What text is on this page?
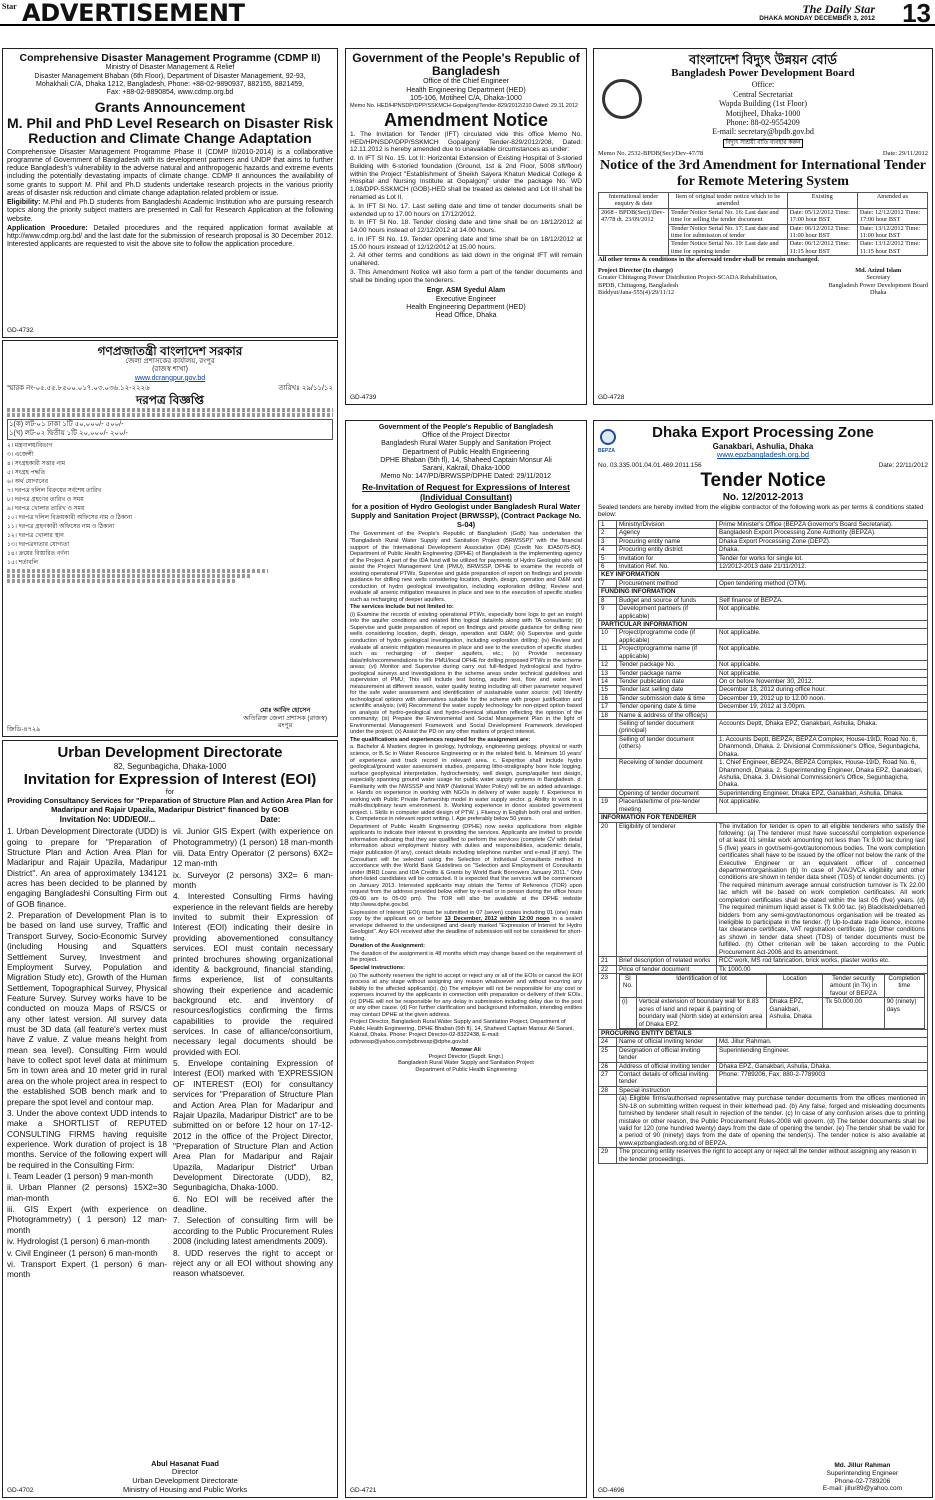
Star ADVERTISEMENT	The Daily Star
DHAKA MONDAY DECEMBER 3, 2012 13
Comprehensive Disaster Management Programme (CDMP II)
Ministry of Disaster Management & Relief
Disaster Management Bhaban (6th Floor), Department of Disaster Management, 92-93,
Mohakhali C/A, Dhaka 1212, Bangladesh, Phone: +88-02-9890937, 882155, 8821459,
Fax: +88-02-9890854, www.cdmp.org.bd
Grants Announcement
M. Phil and PhD Level Research on Disaster Risk Reduction and Climate Change Adaptation

Comprehensive Disaster Management Programme Phase II (CDMP II/2010-2014) is a collaborative programme of Government of Bangladesh with its development partners and UNDP that aims to further reduce Bangladesh's vulnerability to the adverse natural and anthropogenic hazards and extreme events including the potentially devastating impacts of climate change. CDMP II announces the availability of some grants to support M. Phil and Ph.D students undertake research projects in the various priority areas of disaster risk reduction and climate change adaptation related problem or issue.

Eligibility: M.Phil and Ph.D students from Bangladeshi Academic Institution who are pursuing research topics along the priority subject matters are presented in Call for Research Application at the following website.

Application Procedure: Detailed procedures and the required application format available at http://www.cdmp.org.bd/ and the last date for the submission of research proposal is 30 December 2012. Interested applicants are requested to visit the above site to follow the application procedure.

GD-4732
Government of the People's Republic of Bangladesh
Office of the Chief Engineer
Health Engineering Department (HED)
105-106, Motiheel C/A, Dhaka-1000
Memo No. HED/HPNSDP/DPP/SSKMCH-Gopalgonj/Tender-829/2012/210 Dated: 29.11.2012
Amendment Notice

1. The Invitation for Tender (IFT) circulated vide this office Memo No. HED/HPNSDP/DPP/SSKMCH Gopalgonj/ Tender-829/2012/208, Dated: 12.11.2012 is hereby amended due to unavailable circumstances as under:

d. In IFT Sl No. 15. Lot II: Horizontal Extension of Existing Hospital of 3-storied Building with 6-storied foundation (Ground, 1st & 2nd Floor, 5008 sft/floor) within the Project "Establishment of Sheikh Sayera Khatun Medical College & Hospital and Nursing Institute at Gopalgonj" under the package No. WD 1.08/DPP-SSKMCH (GOB)-HED shall be treated as deleted and Lot III shall be renamed as Lot II.

a. In IFT Sl No. 17. Last selling date and time of tender documents shall be extended up to 17.00 hours on 17/12/2012.

b. In IFT Sl No. 18. Tender closing date and time shall be on 18/12/2012 at 14.00 hours instead of 12/12/2012 at 14.00 hours.

c. In IFT Sl No. 19. Tender opening date and time shall be on 18/12/2012 at 15.00 hours instead of 12/12/2012 at 15.00 hours.

2. All other terms and conditions as laid down in the original IFT will remain unaltered.

3. This Amendment Notice will also form a part of the tender documents and shall be binding upon the tenderers.

Engr. ASM Syedul Alam
Executive Engineer
Health Engineering Department (HED)
Head Office, Dhaka
GD-4739
বাংলাদেশ বিদ্যুৎ উন্নয়ন বোর্ড
Bangladesh Power Development Board
Office:
Central Secretariat
Wapda Building (1st Floor)
Motijheel, Dhaka-1000
Phone: 88-02-9554209
E-mail: secretary@bpdb.gov.bd
বিদ্যুৎ সাশ্রয়ী বাতি ব্যবহার করুন
Memo No. 2532-BPDB(Sec)/Dev-47/78	Date: 29/11/2012
Notice of the 3rd Amendment for International Tender for Remote Metering System
International tender enquiry & date	Item of original tender notice which to be amended	Existing	Amended as
2068 - BPDB(Sect)/Dev-47/78 dt. 23/09/2012	Tender Notice Serial No. 16: Last date and time for selling the tender document	Date: 05/12/2012 Time: 17:00 hour BST	Date: 12/12/2012 Time: 17:00 hour BST
	Tender Notice Serial No. 17: Last date and time for submission of tender	Date: 06/12/2012 Time: 11:00 hour BST	Date: 13/12/2012 Time: 11:00 hour BST
	Tender Notice Serial No. 19: Last date and time for opening tender	Date: 06/12/2012 Time: 11:15 hour BST	Date: 13/12/2012 Time: 11:15 hour BST
All other terms & conditions in the aforesaid tender shall be remain unchanged.
Project Director (In charge)
Greater Chittagong Power Distribution Project-SCADA Rehabilitation,
BPDB, Chittagong, Bangladesh
Biddyut/Jana-555(4)/29/11/12
Md. Azizul Islam
Secretary
Bangladesh Power Development Board
Dhaka
GD-4728
গণপ্রজাতন্ত্রী বাংলাদেশ সরকার
জেলা প্রশাসকের কার্যালয়, রংপুর
(রাজস্ব শাখা)
www.dcrangpur.gov.bd
স্মারক নং-০৫.৫৫.৮৫০০.০১৭.০৩.০৩৬.১২-২২২৬	তারিখঃ ২৯/১১/১২
দরপত্র বিজ্ঞপ্তি
১(ক) লট-০১ ঢাকা ১টি ৫০,০০০/- ৫০০/-
১(খ) লট-০২ দ্বিতীয় ১টি ২০,০০০/- ২০০/-
২। মন্ত্রণালয়/বিভাগ
৩। এজেন্সী
৪। সংগ্রহকারী সত্তার নাম
৫। সংগ্রহ পদ্ধতি
৬। অর্থ যোগানের
৭। দরপত্র দলিল বিক্রয়ের সর্বশেষ তারিখ
৮। দরপত্র গ্রহণের তারিখ ও সময়
৯। দরপত্র খোলার তারিখ ও সময়
১০। দরপত্র দলিল বিক্রয়কারী অফিসের নাম ও ঠিকানা
১১। দরপত্র গ্রহণকারী অফিসের নাম ও ঠিকানা
১২। দরপত্র খোলার স্থান
১৩। দরপত্রদাতার যোগ্যতা
১৪। ক্রয়ের বিস্তারিত বর্ণনা
১৫। শর্তাবলি
মোঃ আবিদ হোসেন
অতিরিক্ত জেলা প্রশাসক (রাজস্ব)
রংপুর
জিডি-৪৭২৯
Urban Development Directorate
82, Segunbagicha, Dhaka-1000
Invitation for Expression of Interest (EOI)
for
Providing Consultancy Services for "Preparation of Structure Plan and Action Area Plan for Madaripur and Rajair Upazila, Madaripur District" financed by GOB
Invitation No: UDD/EOI/...	Date:

1. Urban Development Directorate (UDD) is going to prepare for "Preparation of Structure Plan and Action Area Plan for Madaripur and Rajair Upazila, Madaripur District". An area of approximately 134121 acres has been decided to be planned by engaging Bangladeshi Consulting Firm out of GOB finance.

2. Preparation of Development Plan is to be based on land use survey, Traffic and Transport Survey, Socio-Economic Survey (including Housing and Squatters Settlement Survey, Investment and Employment Survey, Population and Migration Study etc), Growth of the Human Settlement, Topographical Survey, Physical Feature Survey. Survey works have to be conducted on mouza Maps of RS/CS or any other latest version. All survey data must be 3D data (all feature's vertex must have Z value. Z value means height from mean sea level). Consulting Firm would have to collect spot level data at minimum 5m in town area and 10 meter grid in rural area on the whole project area in respect to the established SOB bench mark and to prepare the spot level and contour map.

3. Under the above context UDD intends to make a SHORTLIST of REPUTED CONSULTING FIRMS having requisite experience. Work duration of project is 18 months. Service of the following expert will be required in the Consulting Firm:

i. Team Leader (1 person) 9 man-month

ii. Urban Planner (2 persons) 15X2=30 man-month

iii. GIS Expert (with experience on Photogrammetry) ( 1 person) 12 man-month

iv. Hydrologist (1 person) 6 man-month

v. Civil Engineer (1 person) 6 man-month

vi. Transport Expert (1 person) 6 man-month

vii. Junior GIS Expert (with experience on Photogrammetry) (1 person) 18 man-month

viii. Data Entry Operator (2 persons) 6X2= 12 man-mth

ix. Surveyor (2 persons) 3X2= 6 man-month

4. Interested Consulting Firms having experience in the relevant fields are hereby invited to submit their Expression of Interest (EOI) indicating their desire in providing abovementioned consultancy services. EOI must contain necessary printed brochures showing organizational identity & background, financial standing, firms experience, list of consultants showing their experience and academic background etc. and inventory of resources/logistics confirming the firms capabilities to provide the required services. In case of alliance/consortium, necessary legal documents should be provided with EOI.

5. Envelope containing Expression of Interest (EOI) marked with 'EXPRESSION OF INTEREST (EOI) for consultancy services for "Preparation of Structure Plan and Action Area Plan for Madaripur and Rajair Upazila, Madaripur District" are to be submitted on or before 12 hour on 17-12-2012 in the office of the Project Director, "Preparation of Structure Plan and Action Area Plan for Madaripur and Rajair Upazila, Madaripur District" Urban Development Directorate (UDD), 82, Segunbagicha, Dhaka-1000.

6. No EOI will be received after the deadline.

7. Selection of consulting firm will be according to the Public Procurement Rules 2008 (including latest amendments 2009).

8. UDD reserves the right to accept or reject any or all EOI without showing any reason whatsoever.

Abul Hasanat Fuad
Director
Urban Development Directorate
Ministry of Housing and Public Works
GD-4702
Government of the People's Republic of Bangladesh
Office of the Project Director
Bangladesh Rural Water Supply and Sanitation Project
Department of Public Health Engineering
DPHE Bhaban (5th fl), 14, Shaheed Captain Monsur Ali
Sarani, Kakrail, Dhaka-1000
Memo No: 147/PD/BRWSSP/DPHE Dated: 29/11/2012
Re-Invitation of Request for Expressions of Interest (Individual Consultant)
for a position of Hydro Geologist under Bangladesh Rural Water Supply and Sanitation Project (BRWSSP), (Contract Package No. S-04)

The Government of the People's Republic of Bangladesh (GoB) has undertaken the "Bangladesh Rural Water Supply and Sanitation Project (BRWSSP)" with the financial support of the International Development Association (IDA) [Credit No: IDA5075-BD]. Department of Public Health Engineering (DPHE) of Bangladesh is the implementing agency of the Project. A part of the IDA fund will be utilized for payments of Hydro Geologist who will assist the Project Management Unit (PMU), BRWSSP, DPHE to examine the records of existing operational PTWs, Supervise and guide preparation of report on findings and provide guidance for drilling new wells considering location, depth, design, operation and O&M and conduction of hydro geological investigation, including exploration drilling; Review and evaluate all arsenic mitigation measures in place and see to the execution of specific studies such as recharging of deeper aquifers.

The services include but not limited to:

(i) Examine the records of existing operational PTWs, especially bore logs to get an insight into the aquifer conditions and related litho logical data/info along with TA consultants; (ii) Supervise and guide preparation of report on findings and provide guidance for drilling new wells considering location, depth, design, operation and O&M; (iii) Supervise and guide conduction of hydro geological investigation, including exploration drilling; (iv) Review and evaluate all arsenic mitigation measures in place and see to the execution of specific studies such as recharging of deeper aquifers, etc.; (v) Provide necessary data/info/recommendations to the PMU/local DPHE for drilling proposed PTWs in the scheme areas; (vi) Monitor and Supervise during carry out full-fledged hydrological and hydro-geological surveys and investigations in the scheme areas under technical guidelines and supervision of PMU; This will include test boring, aquifer test, flow and water level measurement at different season, water quality testing including all other parameter required for the safe water assessment and identification of sustainable water source; (vii) Identify technological options with alternatives suitable for the scheme with proper justification and scientific analysis; (viii) Recommend the water supply technology for non-piped option based on analysis of hydro-geological and hydro-chemical situation reflecting the opinion of the community; (ix) Prepare the Environmental and Social Management Plan in the light of Environmental Management Framework and Social Development Framework developed under the project; (x) Assist the PD on any other matters of project interest.

The qualifications and experiences required for the assignment are:

a. Bachelor & Masters degree in geology, hydrology, engineering geology, physical or earth science, or B.Sc in Water Resource Engineering or in the related field. b. Minimum 10 years' of experience and track record in relevant area. c. Expertise shall include hydro geological/ground water assessment studies, preparing litho-stratigraphy bore hole logging, surface geophysical interpretation, hydrochemistry, well design, pump/aquifer test design, especially spanning ground water usage for public water supply systems in Bangladesh. d. Familiarity with the NWSSSP and NWP (National Water Policy) will be an added advantage. e. Hands on experience in working with NGOs in delivery of water supply. f. Experience in working with Public Private Partnership model in water supply sector. g. Ability to work in a multi-disciplinary team environment. h. Working experience in donor assisted government project. i. Skills in computer aided design of PTW. j. Fluency in English both oral and written. k. Competence in relevant report writing. l. Age preferably below 50 years.

Department of Public Health Engineering (DPHE) now seeks applications from eligible applicants to indicate their interest in providing the services. Applicants are invited to provide information indicating that they are qualified to perform the services (complete CV with detail information about employment history with duties and responsibilities, academic details, major publication (if any), contact details including telephone number and e-mail (if any). The Consultant will be selected using the Selection of Individual Consultants method in accordance with the World Bank Guidelines on "Selection and Employment of Consultants under IBRD Loans and IDA Credits & Grants by World Bank Borrowers January 2011." Only short-listed candidates will be contacted. It is expected that the services will be commenced on January 2013. Interested applicants may obtain the Terms of Reference (TOR) upon request from the address provided below either by e-mail or in person during the office hours (09-00 am to 05-00 pm). The TOR will also be available at the DPHE website http://www.dphe.gov.bd.

Expression of Interest (EOI) must be submitted in 07 (seven) copies including 01 (one) main copy by the applicant on or before 13 December, 2012 within 12:00 noon in a sealed envelope delivered to the undersigned and clearly marked "Expression of Interest for Hydro Geologist". Any EOI received after the deadline of submission will not be considered for short-listing.

Duration of the Assignment:

The duration of the assignment is 48 months which may change based on the requirement of the project.

Special instructions:

(a) The authority reserves the right to accept or reject any or all of the EOIs or cancel the EOI process at any stage without assigning any reason whatsoever and without incurring any liability to the affected applicant(s). (b) The employer will not be responsible for any cost or expenses incurred by the applicants in connection with preparation or delivery of their EOIs. (c) DPHE will not be responsible for any delay in submission including delay due to the post or any other cause. (d) For further clarification and background information, intending entities may contact DPHE at the given address.

Project Director, Bangladesh Rural Water Supply and Sanitation Project, Department of Public Health Engineering, DPHE Bhaban (5th fl), 14, Shaheed Captain Mansur Ali Sarani, Kakrail, Dhaka. Phone: Project Director-02-8322438, E-mail: pdbrwssp@yahoo.com/pdbrwssp@dphe.gov.bd

Monwar Ali
Project Director (Supdt. Engr.)
Bangladesh Rural Water Supply and Sanitation Project
Department of Public Health Engineering
GD-4721
BEPZA
Dhaka Export Processing Zone
Ganakbari, Ashulia, Dhaka
www.epzbangladesh.org.bd
No. 03.335.001.04.01.469.2011.156	Date: 22/11/2012
Tender Notice
No. 12/2012-2013

Sealed tenders are hereby invited from the eligible contractor of the following work as per terms & conditions stated below:

1	Ministry/Division	Prime Minister's Office (BEPZA Governor's Board Secretariat).
2	Agency	Bangladesh Export Processing Zone Authority (BEPZA).
3	Procuring entity name	Dhaka Export Processing Zone (DEPZ).
4	Procuring entity district	Dhaka.
5	Invitation for	Tender for works for single lot.
6	Invitation Ref. No.	12/2012-2013 date 21/11/2012.
KEY INFORMATION
7	Procurement method	Open tendering method (OTM).
FUNDING INFORMATION
8	Budget and source of funds	Self finance of BEPZA.
9	Development partners (if applicable)	Not applicable.
PARTICULAR INFORMATION
10	Project/programme code (if applicable)	Not applicable.
11	Project/programme name (if applicable)	Not applicable.
12	Tender package No.	Not applicable.
13	Tender package name	Not applicable.
14	Tender publication date	On or before November 30, 2012.
15	Tender last selling date	December 18, 2012 during office hour.
16	Tender submission date & time	December 19, 2012 up to 12.00 noon.
17	Tender opening date & time	December 19, 2012 at 3.00pm.
18	Name & address of the office(s)	
	Selling of tender document (principal)	Accounts Deptt, Dhaka EPZ, Ganakbari, Ashulia, Dhaka.
	Selling of tender document (others)	1. Accounts Deptt, BEPZA, BEPZA Complex, House-19/D, Road No. 6, Dhanmondi, Dhaka. 2. Divisional Commissioner's Office, Segunbagicha, Dhaka.
	Receiving of tender document	1. Chief Engineer, BEPZA, BEPZA Complex, House-19/D, Road No. 6, Dhanmondi, Dhaka. 2. Superintending Engineer, Dhaka EPZ, Ganakbari, Ashulia, Dhaka. 3. Divisional Commissioner's Office, Segunbagicha, Dhaka.
	Opening of tender document	Superintending Engineer, Dhaka EPZ, Ganakbari, Ashulia, Dhaka.
19	Place/date/time of pre-tender meeting	Not applicable.
INFORMATION FOR TENDERER
20	Eligibility of tenderer	The invitation for tender is open to all eligible tenderers who satisfy the following: (a) The tenderer must have successful completion experience of at least 01 similar work amounting not less than Tk 9.00 lac during last 5 (five) years in govt/semi-govt/autonomous bodies. The work completion certificates shall have to be issued by the officer not below the rank of the Executive Engineer or an equivalent officer of concerned department/organisation (b) In case of JVA/JVCA eligibility and other conditions are shown in tender data sheet (TDS) of tender documents. (c) The required minimum average annual construction turnover is Tk 22.00 lac which will be based on work completion certificates. All work completion certificates shall be dated within the last 05 (five) years. (d) The required minimum liquid asset is Tk 9.00 lac. (e) Blacklisted/debarred bidders from any semi-govt/autonomous organisation will be treated as ineligible to participate in the tender. (f) Up-to-date trade licence, income tax clearance certificate, VAT registration certificate. (g) Other conditions as shown in tender data sheet (TDS) of tender documents must be fulfilled. (h) Other criterian will be taken according to the Public Procurement Act-2006 and its amendment.
21	Brief description of related works	RCC work, MS rod fabrication, brick works, plaster works etc.
22	Price of tender document	Tk 1000.00
23		Sl No.	Identification of lot	Location	Tender security amount (in Tk) in favour of BEPZA	Completion time
(i)	Vertical extension of boundary wall for 8.83 acres of land and repair & painting of boundary wall (North side) at extension area of Dhaka EPZ.	Dhaka EPZ, Ganakbari, Ashulia, Dhaka	Tk 50,000.00	90 (ninety) days

PROCURING ENTITY DETAILS
24	Name of official inviting tender	Md. Jillur Rahman.
25	Designation of official inviting tender	Superintending Engineer.
26	Address of official inviting tender	Dhaka EPZ, Ganakbari, Ashulia, Dhaka.
27	Contact details of official inviting tender	Phone: 7789206, Fax: 880-2-7789003
28	Special instruction	
	(a) Eligible firms/authorised representative may purchase tender documents from the offices mentioned in SN-18 on submitting written request in their letterhead pad. (b) Any false, forged and misleading documents furnished by tenderer shall result in rejection of the tender. (c) In case of any confusion arises due to printing mistake or other reason, the Public Procurement Rules-2008 will govern. (d) The tender documents shall be valid for 120 (one hundred twenty) days from the date of opening the tender. (e) The tender shall be valid for a period of 90 (ninety) days from the date of opening the tender(s). The tender notice is also available at www.epzbangladesh.org.bd of BEPZA.
29	The procuring entity reserves the right to accept any or reject all the tender without assigning any reason in the tender proceedings.
Md. Jillur Rahman
Superintending Engineer
Phone-02-7789206
E-mail: jillur89@yahoo.com
GD-4696
